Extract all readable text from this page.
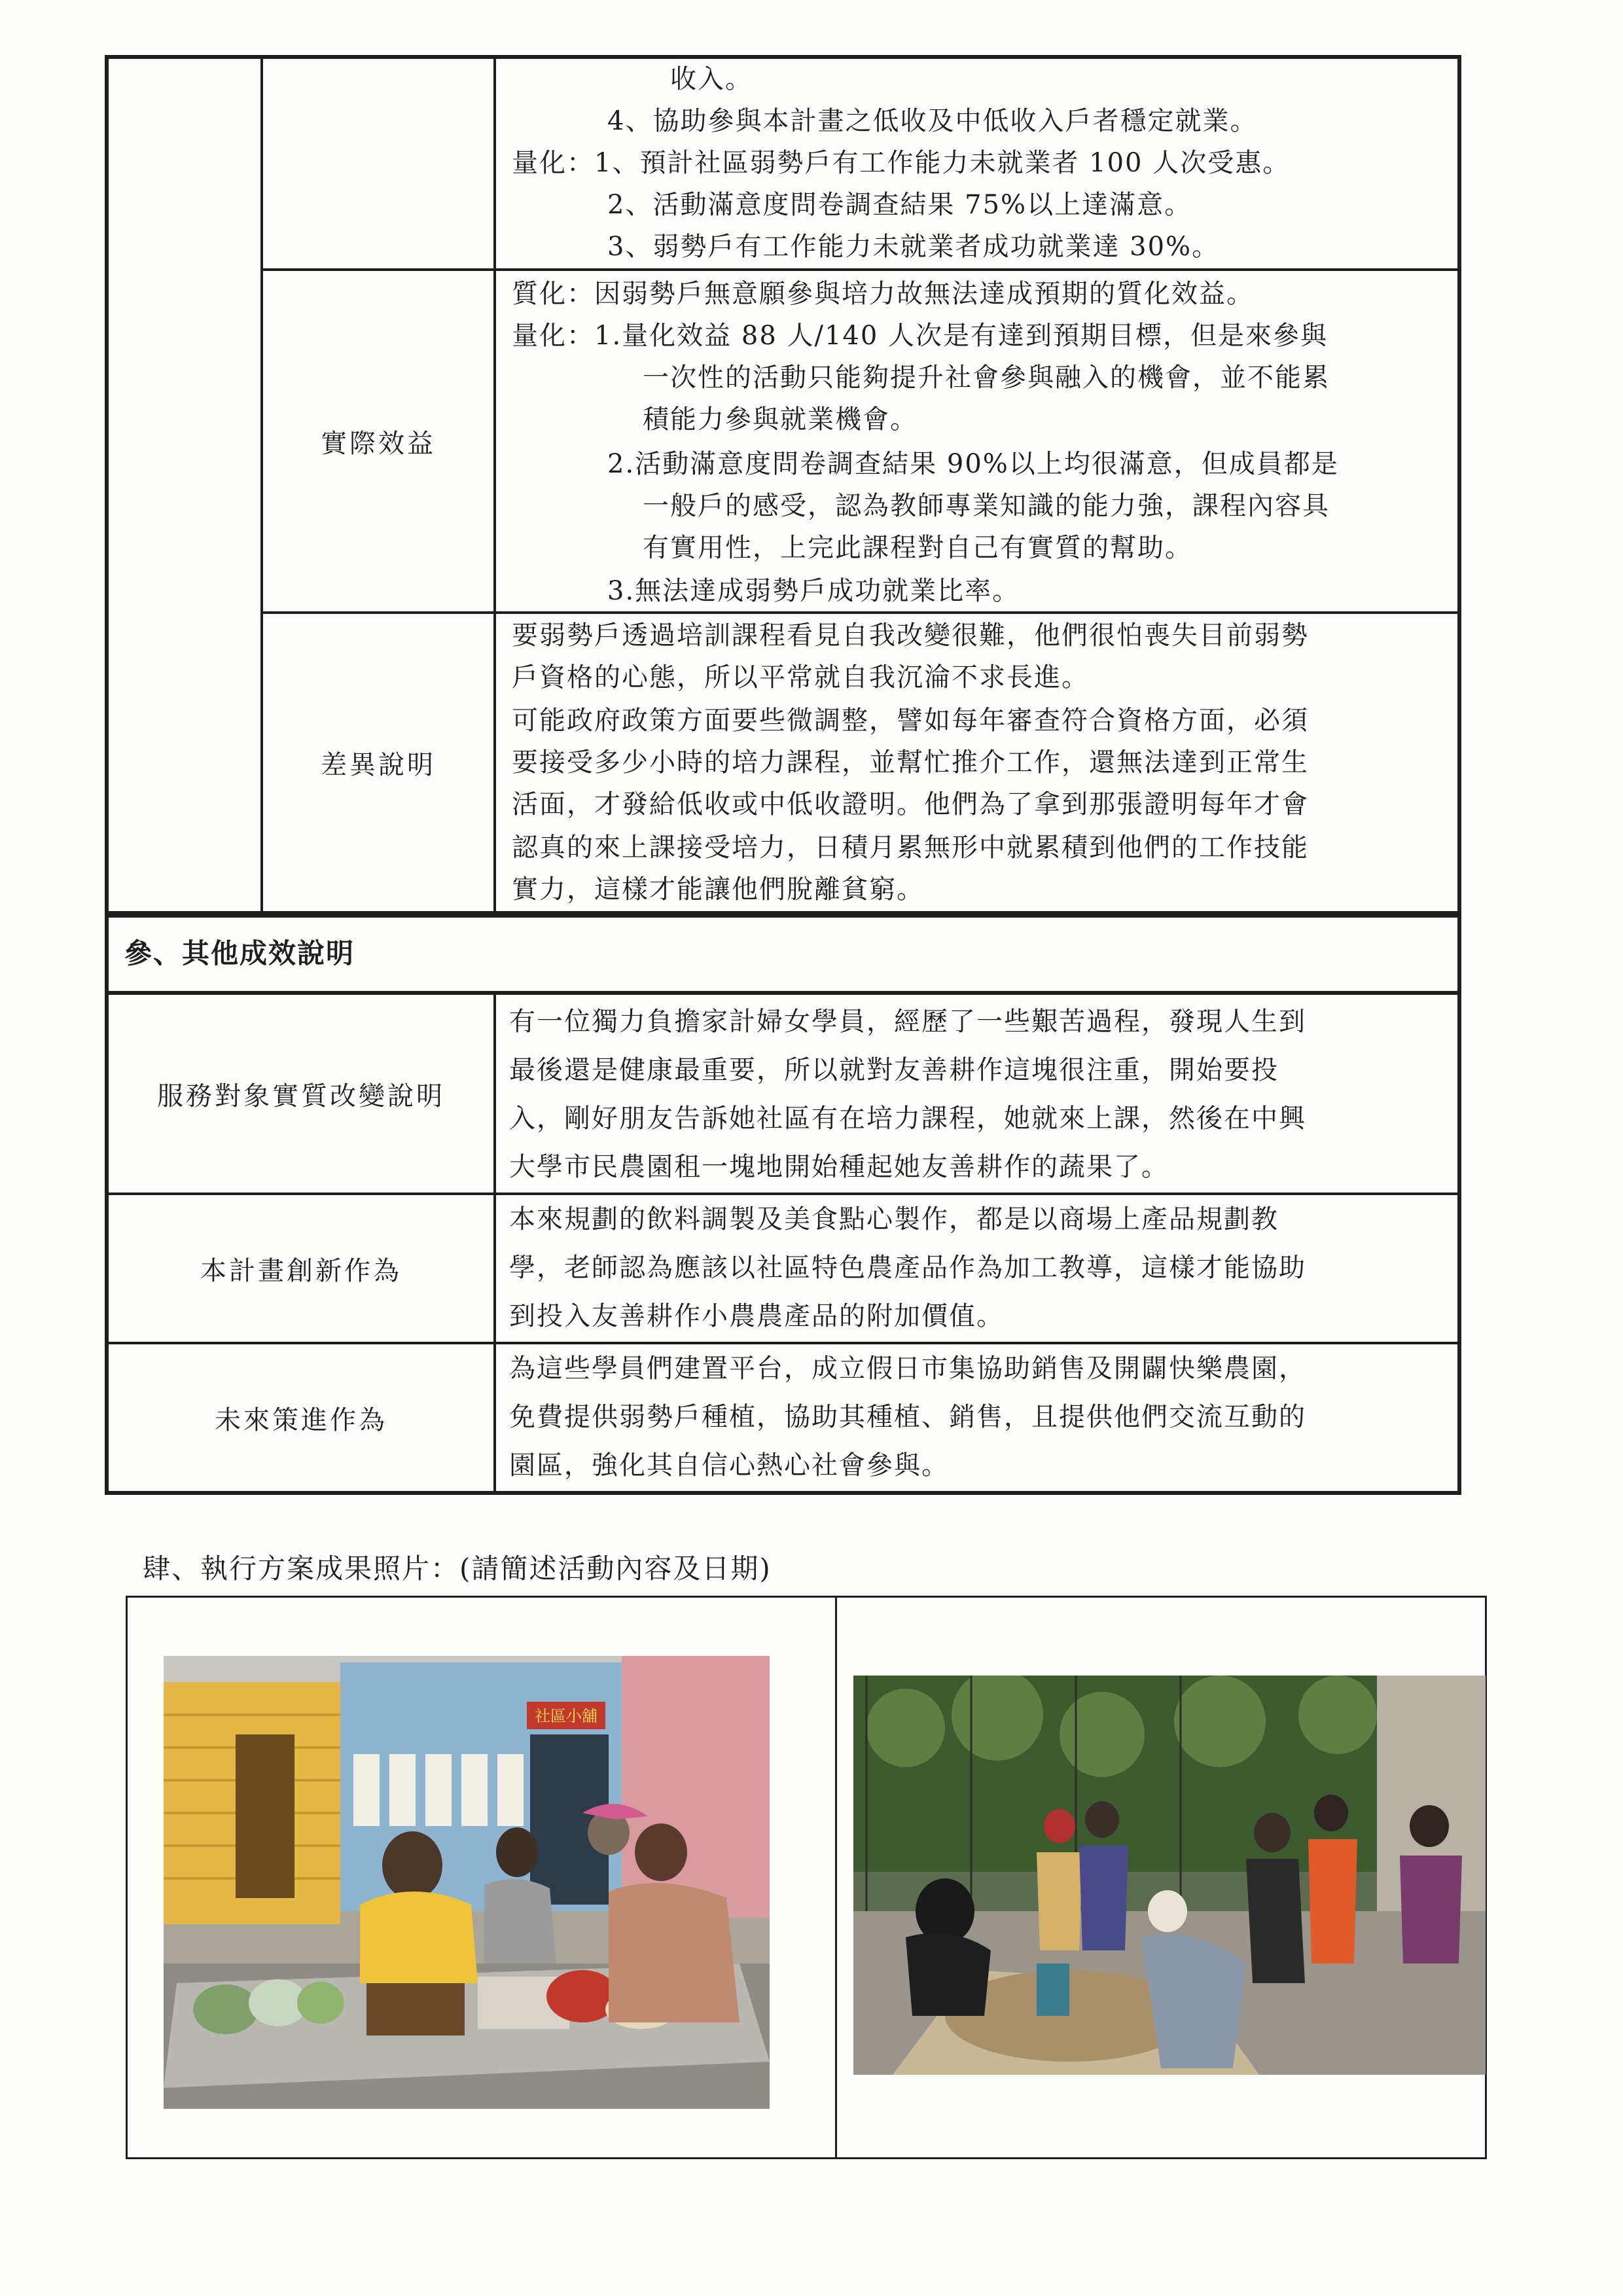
收入。
4、協助參與本計畫之低收及中低收入戶者穩定就業。
量化：1、預計社區弱勢戶有工作能力未就業者 100 人次受惠。
2、活動滿意度問卷調查結果 75%以上達滿意。
3、弱勢戶有工作能力未就業者成功就業達 30%。
實際效益
質化：因弱勢戶無意願參與培力故無法達成預期的質化效益。
量化：1.量化效益 88 人/140 人次是有達到預期目標，但是來參與
一次性的活動只能夠提升社會參與融入的機會，並不能累
積能力參與就業機會。
2.活動滿意度問卷調查結果 90%以上均很滿意，但成員都是
一般戶的感受，認為教師專業知識的能力強，課程內容具
有實用性，上完此課程對自己有實質的幫助。
3.無法達成弱勢戶成功就業比率。
差異說明
要弱勢戶透過培訓課程看見自我改變很難，他們很怕喪失目前弱勢
戶資格的心態，所以平常就自我沉淪不求長進。
可能政府政策方面要些微調整，譬如每年審查符合資格方面，必須
要接受多少小時的培力課程，並幫忙推介工作，還無法達到正常生
活面，才發給低收或中低收證明。他們為了拿到那張證明每年才會
認真的來上課接受培力，日積月累無形中就累積到他們的工作技能
實力，這樣才能讓他們脫離貧窮。
參、其他成效說明
服務對象實質改變說明
有一位獨力負擔家計婦女學員，經歷了一些艱苦過程，發現人生到
最後還是健康最重要，所以就對友善耕作這塊很注重，開始要投
入，剛好朋友告訴她社區有在培力課程，她就來上課，然後在中興
大學市民農園租一塊地開始種起她友善耕作的蔬果了。
本計畫創新作為
本來規劃的飲料調製及美食點心製作，都是以商場上產品規劃教
學，老師認為應該以社區特色農產品作為加工教導，這樣才能協助
到投入友善耕作小農農產品的附加價值。
未來策進作為
為這些學員們建置平台，成立假日市集協助銷售及開闢快樂農園，
免費提供弱勢戶種植，協助其種植、銷售，且提供他們交流互動的
園區，強化其自信心熱心社會參與。
肆、執行方案成果照片：(請簡述活動內容及日期)
社區小舖
